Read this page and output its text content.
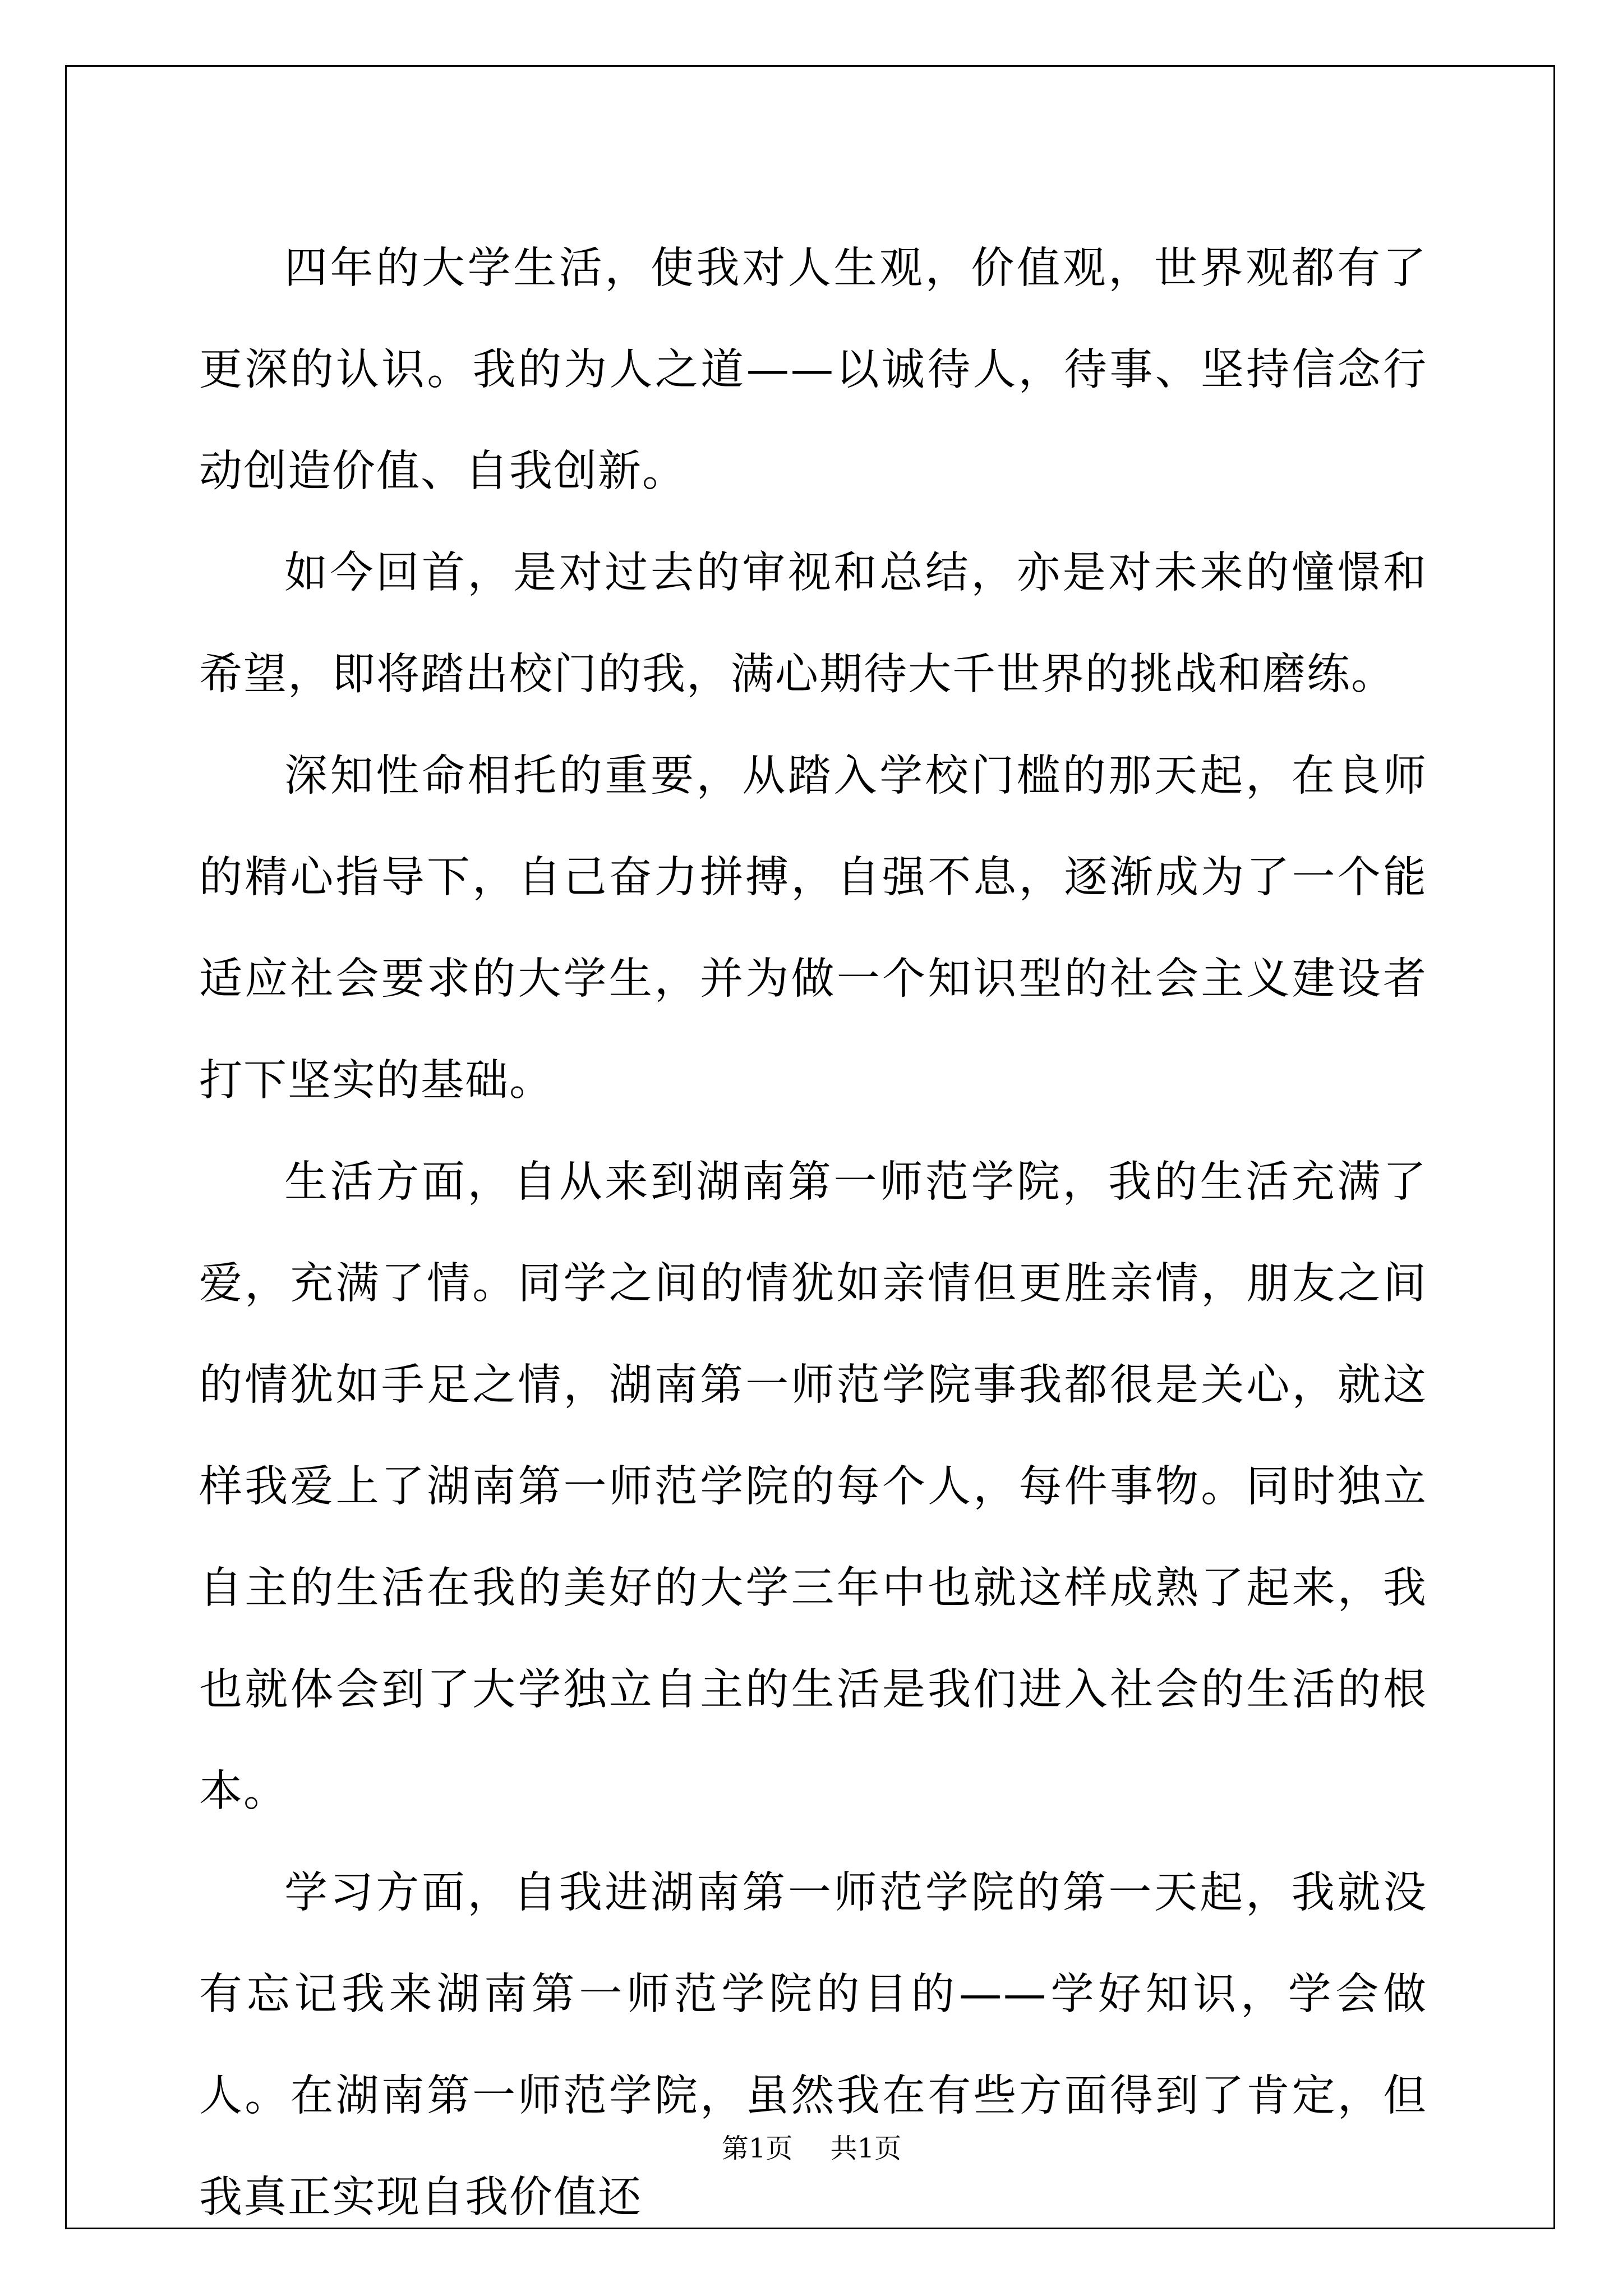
四年的大学生活，使我对人生观，价值观，世界观都有了更深的认识。我的为人之道——以诚待人，待事、坚持信念行动创造价值、自我创新。

如今回首，是对过去的审视和总结，亦是对未来的憧憬和希望，即将踏出校门的我，满心期待大千世界的挑战和磨练。

深知性命相托的重要，从踏入学校门槛的那天起，在良师的精心指导下，自己奋力拼搏，自强不息，逐渐成为了一个能适应社会要求的大学生，并为做一个知识型的社会主义建设者打下坚实的基础。

生活方面，自从来到湖南第一师范学院，我的生活充满了爱，充满了情。同学之间的情犹如亲情但更胜亲情，朋友之间的情犹如手足之情，湖南第一师范学院事我都很是关心，就这样我爱上了湖南第一师范学院的每个人，每件事物。同时独立自主的生活在我的美好的大学三年中也就这样成熟了起来，我也就体会到了大学独立自主的生活是我们进入社会的生活的根本。

学习方面，自我进湖南第一师范学院的第一天起，我就没有忘记我来湖南第一师范学院的目的——学好知识，学会做人。在湖南第一师范学院，虽然我在有些方面得到了肯定，但我真正实现自我价值还

第1页 共1页
